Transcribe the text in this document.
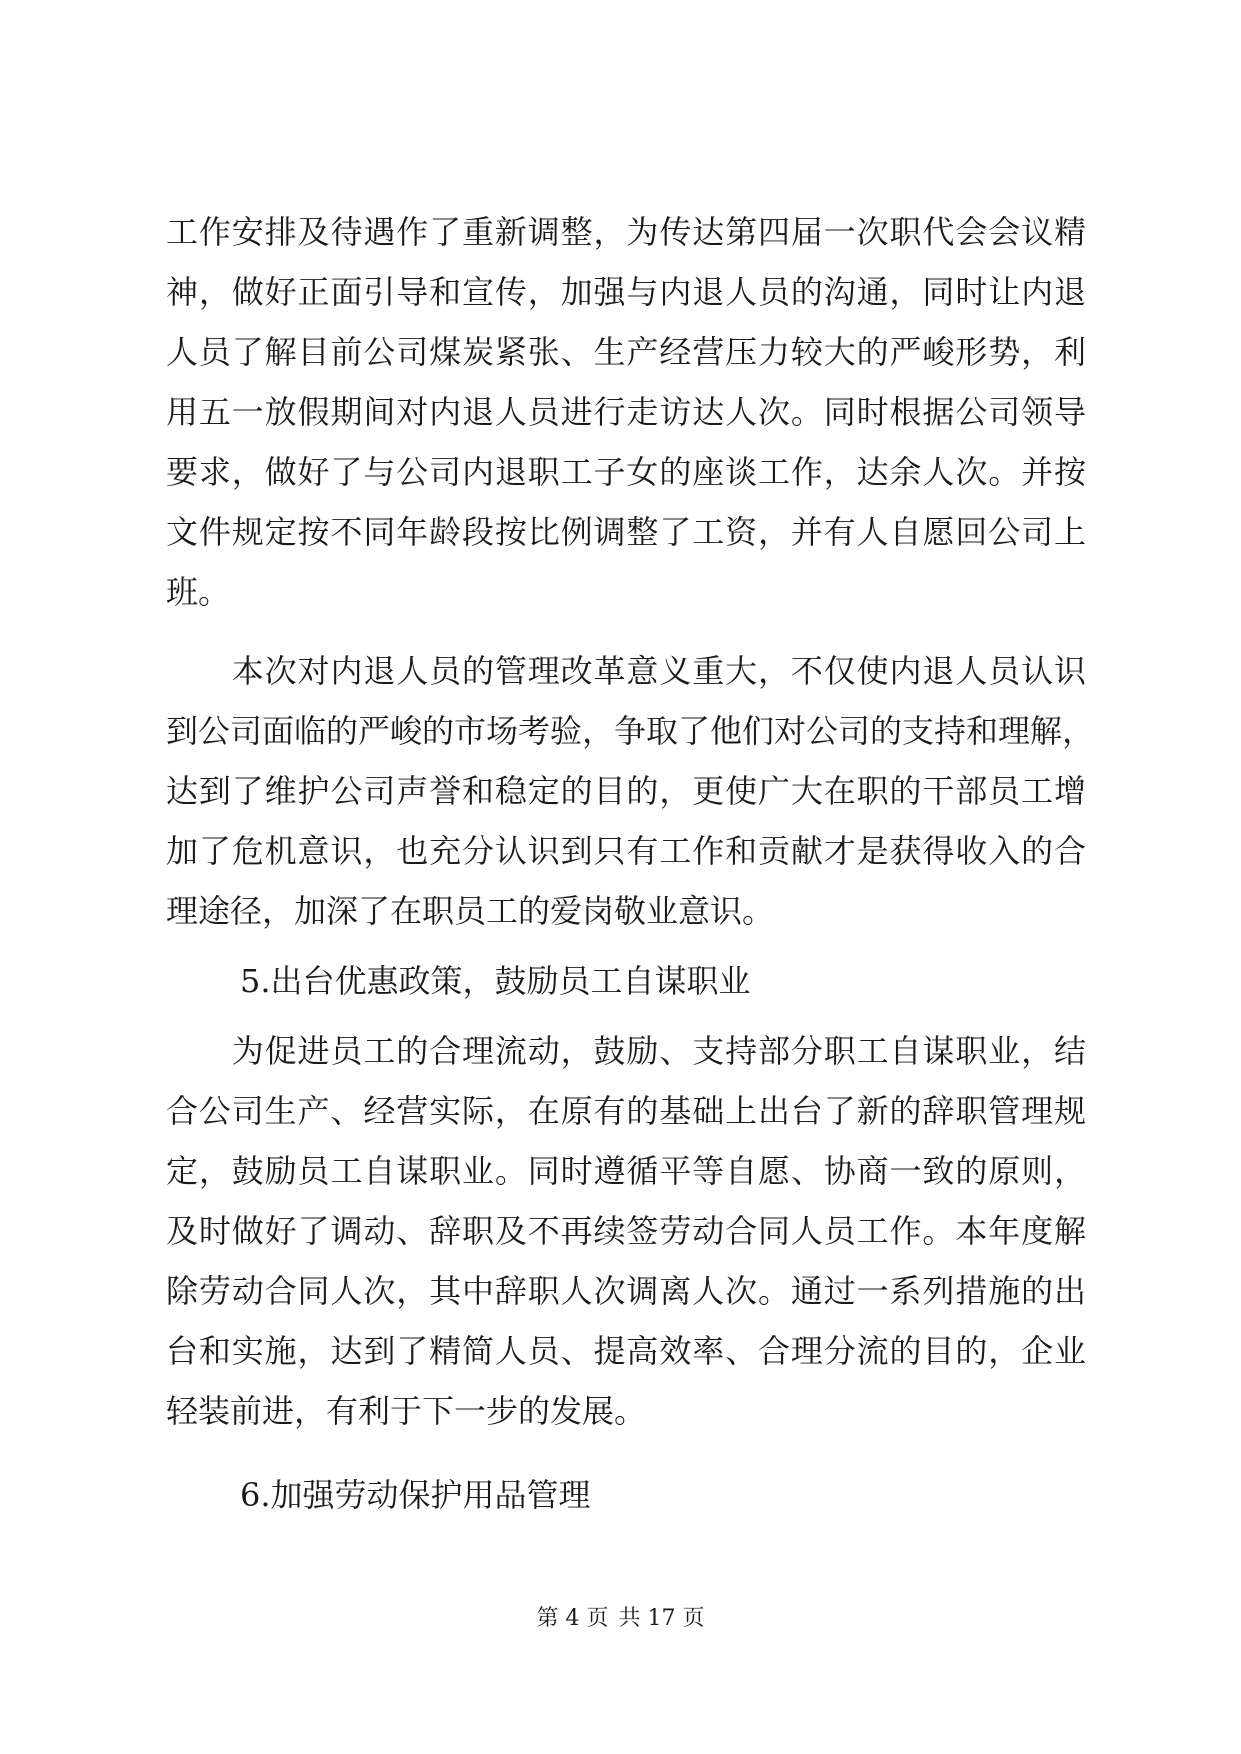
工作安排及待遇作了重新调整，为传达第四届一次职代会会议精
神，做好正面引导和宣传，加强与内退人员的沟通，同时让内退
人员了解目前公司煤炭紧张、生产经营压力较大的严峻形势，利
用五一放假期间对内退人员进行走访达人次。同时根据公司领导
要求，做好了与公司内退职工子女的座谈工作，达余人次。并按
文件规定按不同年龄段按比例调整了工资，并有人自愿回公司上
班。
　　本次对内退人员的管理改革意义重大，不仅使内退人员认识
到公司面临的严峻的市场考验，争取了他们对公司的支持和理解，
达到了维护公司声誉和稳定的目的，更使广大在职的干部员工增
加了危机意识，也充分认识到只有工作和贡献才是获得收入的合
理途径，加深了在职员工的爱岗敬业意识。
5.出台优惠政策，鼓励员工自谋职业
　　为促进员工的合理流动，鼓励、支持部分职工自谋职业，结
合公司生产、经营实际，在原有的基础上出台了新的辞职管理规
定，鼓励员工自谋职业。同时遵循平等自愿、协商一致的原则，
及时做好了调动、辞职及不再续签劳动合同人员工作。本年度解
除劳动合同人次，其中辞职人次调离人次。通过一系列措施的出
台和实施，达到了精简人员、提高效率、合理分流的目的，企业
轻装前进，有利于下一步的发展。
6.加强劳动保护用品管理
第 4 页 共 17 页
